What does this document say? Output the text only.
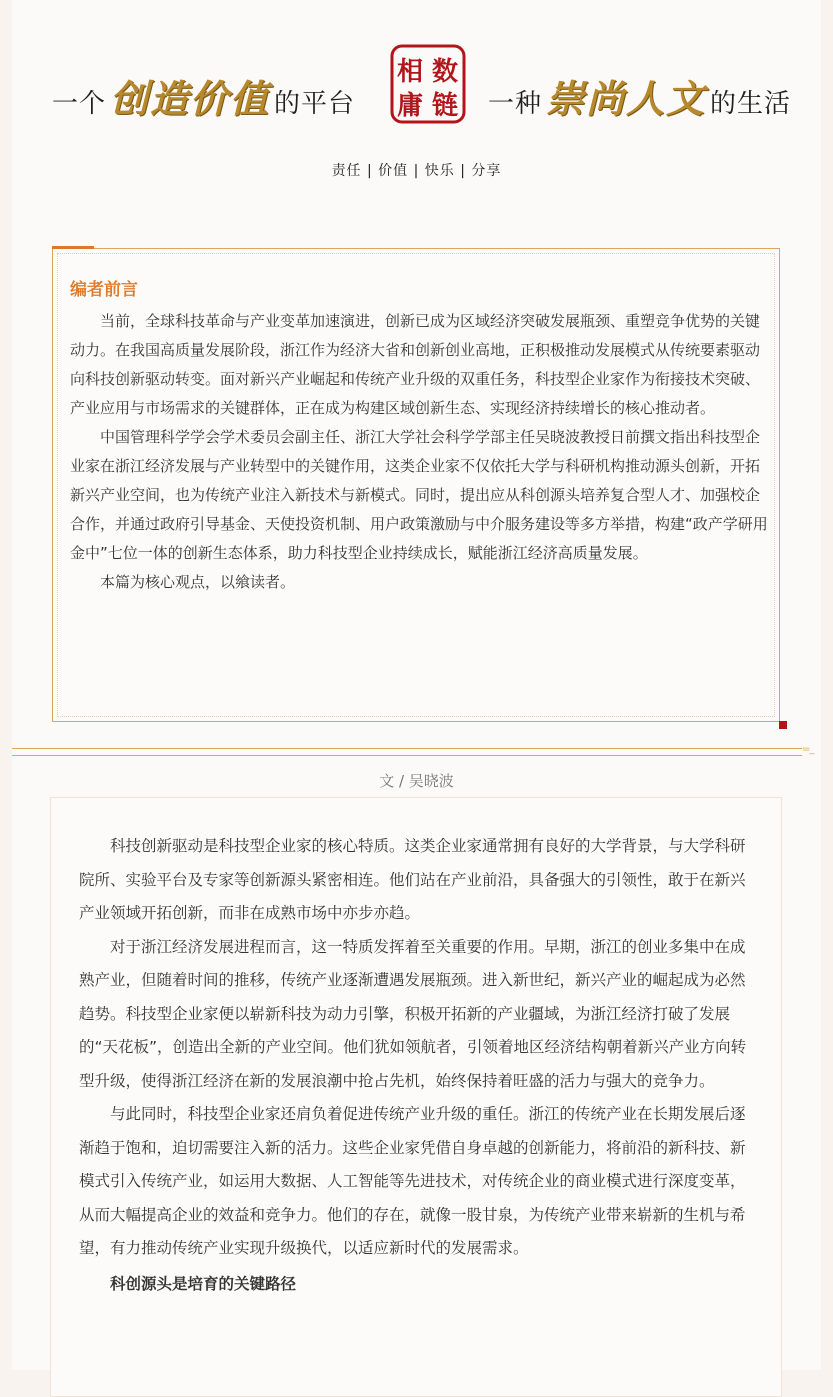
一个 创造价值 的平台
相 数
庸 链 一种 崇尚人文 的生活
责任 | 价值 | 快乐 | 分享
编者前言

当前，全球科技革命与产业变革加速演进，创新已成为区域经济突破发展瓶颈、重塑竞争优势的关键动力。在我国高质量发展阶段，浙江作为经济大省和创新创业高地，正积极推动发展模式从传统要素驱动向科技创新驱动转变。面对新兴产业崛起和传统产业升级的双重任务，科技型企业家作为衔接技术突破、产业应用与市场需求的关键群体，正在成为构建区域创新生态、实现经济持续增长的核心推动者。

中国管理科学学会学术委员会副主任、浙江大学社会科学学部主任吴晓波教授日前撰文指出科技型企业家在浙江经济发展与产业转型中的关键作用，这类企业家不仅依托大学与科研机构推动源头创新，开拓新兴产业空间，也为传统产业注入新技术与新模式。同时，提出应从科创源头培养复合型人才、加强校企合作，并通过政府引导基金、天使投资机制、用户政策激励与中介服务建设等多方举措，构建“政产学研用金中”七位一体的创新生态体系，助力科技型企业持续成长，赋能浙江经济高质量发展。

本篇为核心观点，以飨读者。

=_
文 / 吴晓波

科技创新驱动是科技型企业家的核心特质。这类企业家通常拥有良好的大学背景，与大学科研院所、实验平台及专家等创新源头紧密相连。他们站在产业前沿，具备强大的引领性，敢于在新兴产业领域开拓创新，而非在成熟市场中亦步亦趋。

对于浙江经济发展进程而言，这一特质发挥着至关重要的作用。早期，浙江的创业多集中在成熟产业，但随着时间的推移，传统产业逐渐遭遇发展瓶颈。进入新世纪，新兴产业的崛起成为必然趋势。科技型企业家便以崭新科技为动力引擎，积极开拓新的产业疆域，为浙江经济打破了发展的“天花板”，创造出全新的产业空间。他们犹如领航者，引领着地区经济结构朝着新兴产业方向转型升级，使得浙江经济在新的发展浪潮中抢占先机，始终保持着旺盛的活力与强大的竞争力。

与此同时，科技型企业家还肩负着促进传统产业升级的重任。浙江的传统产业在长期发展后逐渐趋于饱和，迫切需要注入新的活力。这些企业家凭借自身卓越的创新能力，将前沿的新科技、新模式引入传统产业，如运用大数据、人工智能等先进技术，对传统企业的商业模式进行深度变革，从而大幅提高企业的效益和竞争力。他们的存在，就像一股甘泉，为传统产业带来崭新的生机与希望，有力推动传统产业实现升级换代，以适应新时代的发展需求。

科创源头是培育的关键路径
